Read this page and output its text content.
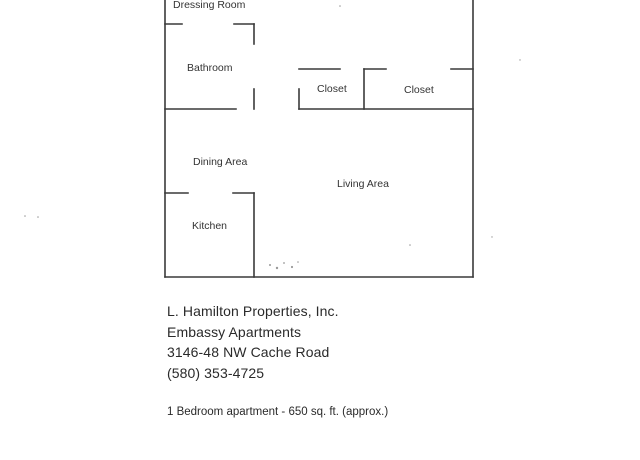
Dressing Room
Bathroom
Closet	Closet
Dining Area
Living Area
Kitchen
L. Hamilton Properties, Inc.
Embassy Apartments
3146-48 NW Cache Road
(580) 353-4725
1 Bedroom apartment - 650 sq. ft. (approx.)
